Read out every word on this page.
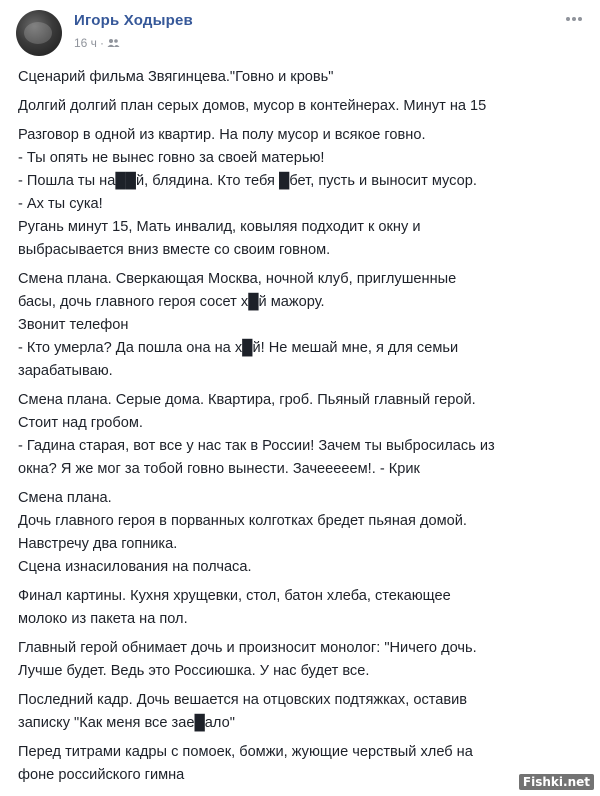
Игорь Ходырев
16 ч ·
Сценарий фильма Звягинцева."Говно и кровь"
Долгий долгий план серых домов, мусор в контейнерах. Минут на 15
Разговор в одной из квартир. На полу мусор и всякое говно.
- Ты опять не вынес говно за своей матерью!
- Пошла ты на██й, блядина. Кто тебя █бет, пусть и выносит мусор.
- Ах ты сука!
Ругань минут 15, Мать инвалид, ковыляя подходит к окну и
выбрасывается вниз вместе со своим говном.
Смена плана. Сверкающая Москва, ночной клуб, приглушенные
басы, дочь главного героя сосет х█й мажору.
Звонит телефон
- Кто умерла? Да пошла она на х█й! Не мешай мне, я для семьи
зарабатываю.
Смена плана. Серые дома. Квартира, гроб. Пьяный главный герой.
Стоит над гробом.
- Гадина старая, вот все у нас так в России! Зачем ты выбросилась из
окна? Я же мог за тобой говно вынести. Зачеееeем!. - Крик
Смена плана.
Дочь главного героя в порванных колготках бредет пьяная домой.
Навстречу два гопника.
Сцена изнасилования на полчаса.
Финал картины. Кухня хрущевки, стол, батон хлеба, стекающее
молоко из пакета на пол.
Главный герой обнимает дочь и произносит монолог: "Ничего дочь.
Лучше будет. Ведь это Россиюшка. У нас будет все.
Последний кадр. Дочь вешается на отцовских подтяжках, оставив
записку "Как меня все зае█ало"
Перед титрами кадры с помоек, бомжи, жующие черствый хлеб на
фоне российского гимна	Fishki.net
